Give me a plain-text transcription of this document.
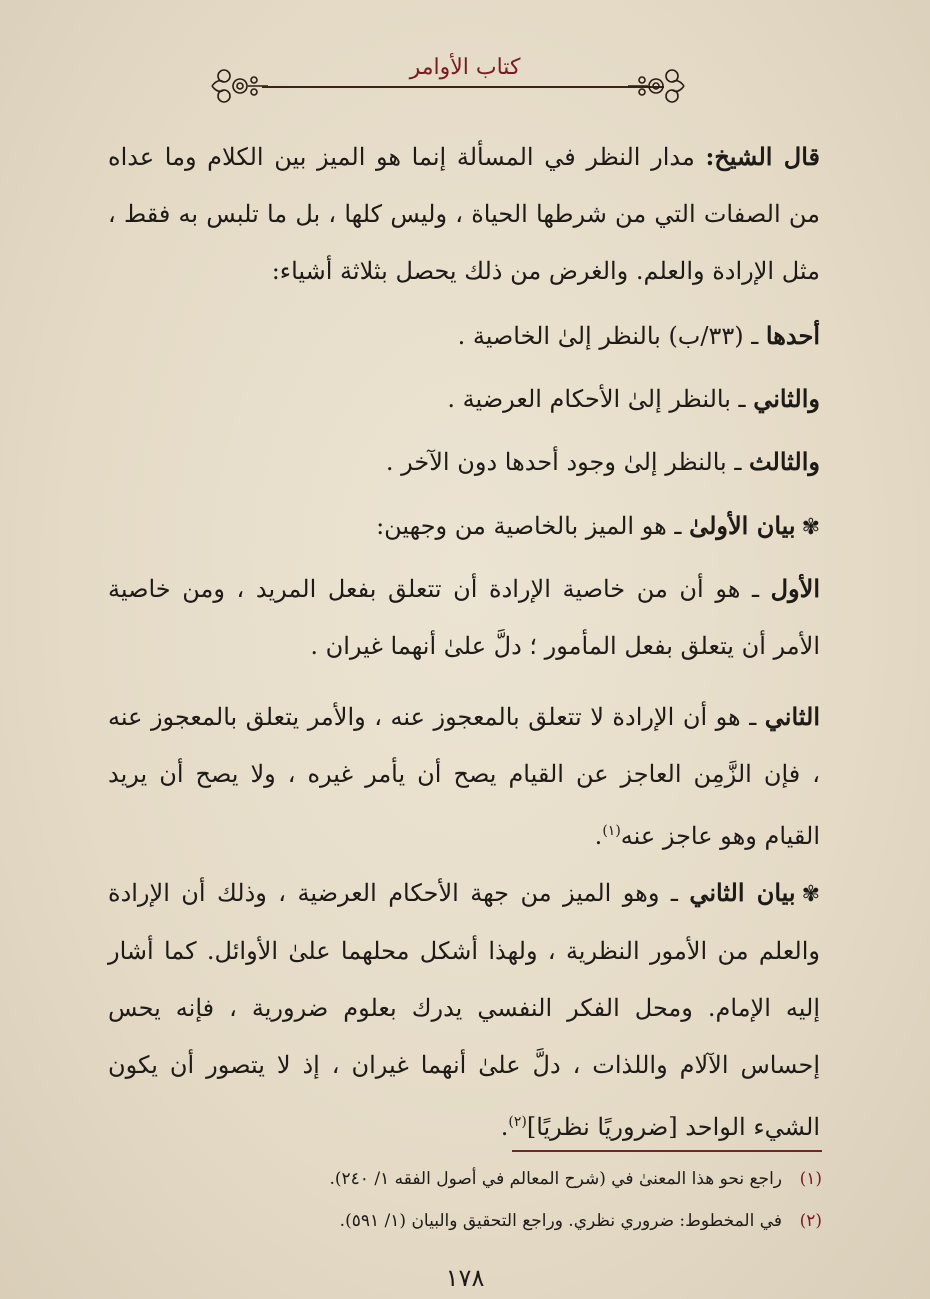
كتاب الأوامر
قال الشيخ: مدار النظر في المسألة إنما هو الميز بين الكلام وما عداه من الصفات التي من شرطها الحياة ، وليس كلها ، بل ما تلبس به فقط ، مثل الإرادة والعلم. والغرض من ذلك يحصل بثلاثة أشياء:
أحدها ـ (٣٣/ب) بالنظر إلىٰ الخاصية .
والثاني ـ بالنظر إلىٰ الأحكام العرضية .
والثالث ـ بالنظر إلىٰ وجود أحدها دون الآخر .
✾بيان الأولىٰ ـ هو الميز بالخاصية من وجهين:
الأول ـ هو أن من خاصية الإرادة أن تتعلق بفعل المريد ، ومن خاصية الأمر أن يتعلق بفعل المأمور ؛ دلَّ علىٰ أنهما غيران .
الثاني ـ هو أن الإرادة لا تتعلق بالمعجوز عنه ، والأمر يتعلق بالمعجوز عنه ، فإن الزَّمِن العاجز عن القيام يصح أن يأمر غيره ، ولا يصح أن يريد القيام وهو عاجز عنه$^{(١)}$.
✾بيان الثاني ـ وهو الميز من جهة الأحكام العرضية ، وذلك أن الإرادة والعلم من الأمور النظرية ، ولهذا أشكل محلهما علىٰ الأوائل. كما أشار إليه الإمام. ومحل الفكر النفسي يدرك بعلوم ضرورية ، فإنه يحس إحساس الآلام واللذات ، دلَّ علىٰ أنهما غيران ، إذ لا يتصور أن يكون الشيء الواحد [ضروريًا نظريًا]$^{(٢)}$.
(١)راجع نحو هذا المعنىٰ في (شرح المعالم في أصول الفقه ١/ ٢٤٠).
(٢)في المخطوط: ضروري نظري. وراجع التحقيق والبيان (١/ ٥٩١).
١٧٨
